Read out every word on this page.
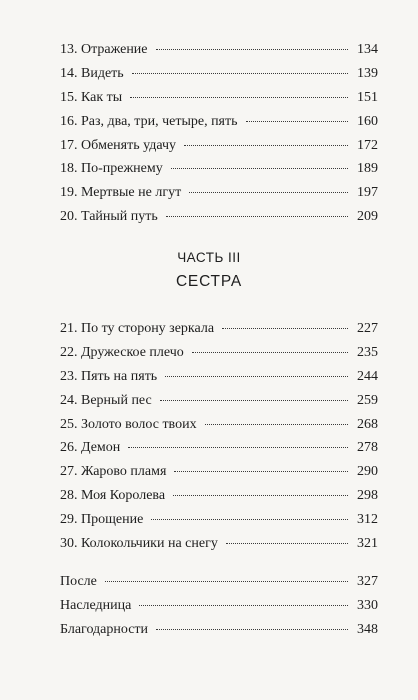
13. Отражение	134
14. Видеть	139
15. Как ты	151
16. Раз, два, три, четыре, пять	160
17. Обменять удачу	172
18. По-прежнему	189
19. Мертвые не лгут	197
20. Тайный путь	209
ЧАСТЬ III
СЕСТРА
21. По ту сторону зеркала	227
22. Дружеское плечо	235
23. Пять на пять	244
24. Верный пес	259
25. Золото волос твоих	268
26. Демон	278
27. Жарово пламя	290
28. Моя Королева	298
29. Прощение	312
30. Колокольчики на снегу	321
После	327
Наследница	330
Благодарности	348
